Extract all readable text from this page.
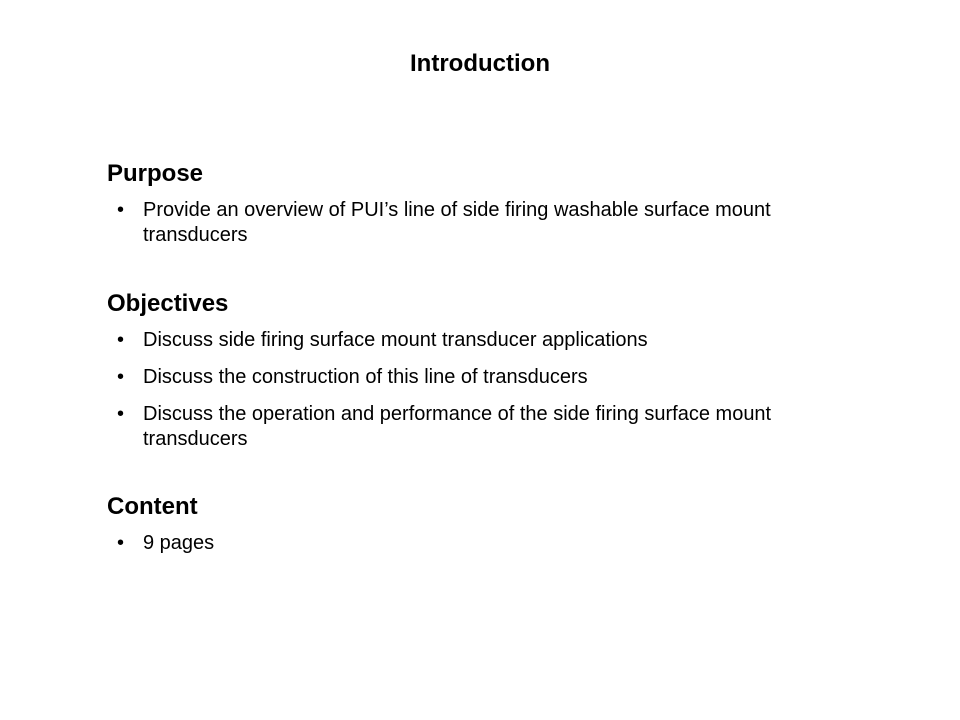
Introduction
Purpose
• Provide an overview of PUI’s line of side firing washable surface mount transducers
Objectives
• Discuss side firing surface mount transducer applications
• Discuss the construction of this line of transducers
• Discuss the operation and performance of the side firing surface mount transducers
Content
• 9 pages
